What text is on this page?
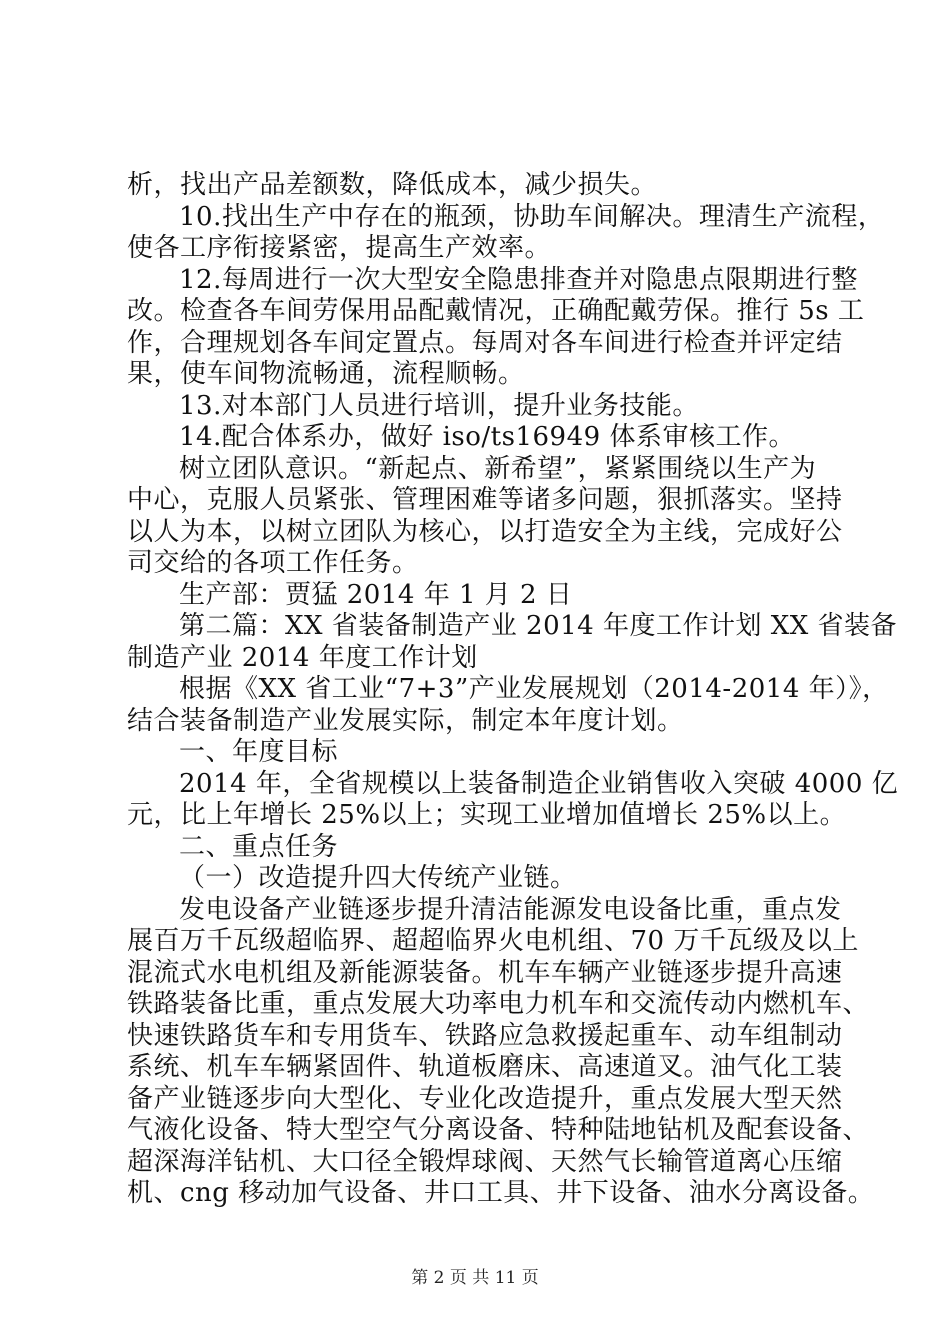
析，找出产品差额数，降低成本，减少损失。
10.找出生产中存在的瓶颈，协助车间解决。理清生产流程，
使各工序衔接紧密，提高生产效率。
12.每周进行一次大型安全隐患排查并对隐患点限期进行整
改。检查各车间劳保用品配戴情况，正确配戴劳保。推行 5s 工
作，合理规划各车间定置点。每周对各车间进行检查并评定结
果，使车间物流畅通，流程顺畅。
13.对本部门人员进行培训，提升业务技能。
14.配合体系办，做好 iso/ts16949 体系审核工作。
树立团队意识。“新起点、新希望”，紧紧围绕以生产为
中心，克服人员紧张、管理困难等诸多问题，狠抓落实。坚持
以人为本，以树立团队为核心，以打造安全为主线，完成好公
司交给的各项工作任务。
生产部：贾猛 2014 年 1 月 2 日
第二篇：XX 省装备制造产业 2014 年度工作计划 XX 省装备
制造产业 2014 年度工作计划
根据《XX 省工业“7+3”产业发展规划（2014-2014 年）》，
结合装备制造产业发展实际，制定本年度计划。
一、年度目标
2014 年，全省规模以上装备制造企业销售收入突破 4000 亿
元，比上年增长 25%以上；实现工业增加值增长 25%以上。
二、重点任务
（一）改造提升四大传统产业链。
发电设备产业链逐步提升清洁能源发电设备比重，重点发
展百万千瓦级超临界、超超临界火电机组、70 万千瓦级及以上
混流式水电机组及新能源装备。机车车辆产业链逐步提升高速
铁路装备比重，重点发展大功率电力机车和交流传动内燃机车、
快速铁路货车和专用货车、铁路应急救援起重车、动车组制动
系统、机车车辆紧固件、轨道板磨床、高速道叉。油气化工装
备产业链逐步向大型化、专业化改造提升，重点发展大型天然
气液化设备、特大型空气分离设备、特种陆地钻机及配套设备、
超深海洋钻机、大口径全锻焊球阀、天然气长输管道离心压缩
机、cng 移动加气设备、井口工具、井下设备、油水分离设备。
第 2 页 共 11 页
